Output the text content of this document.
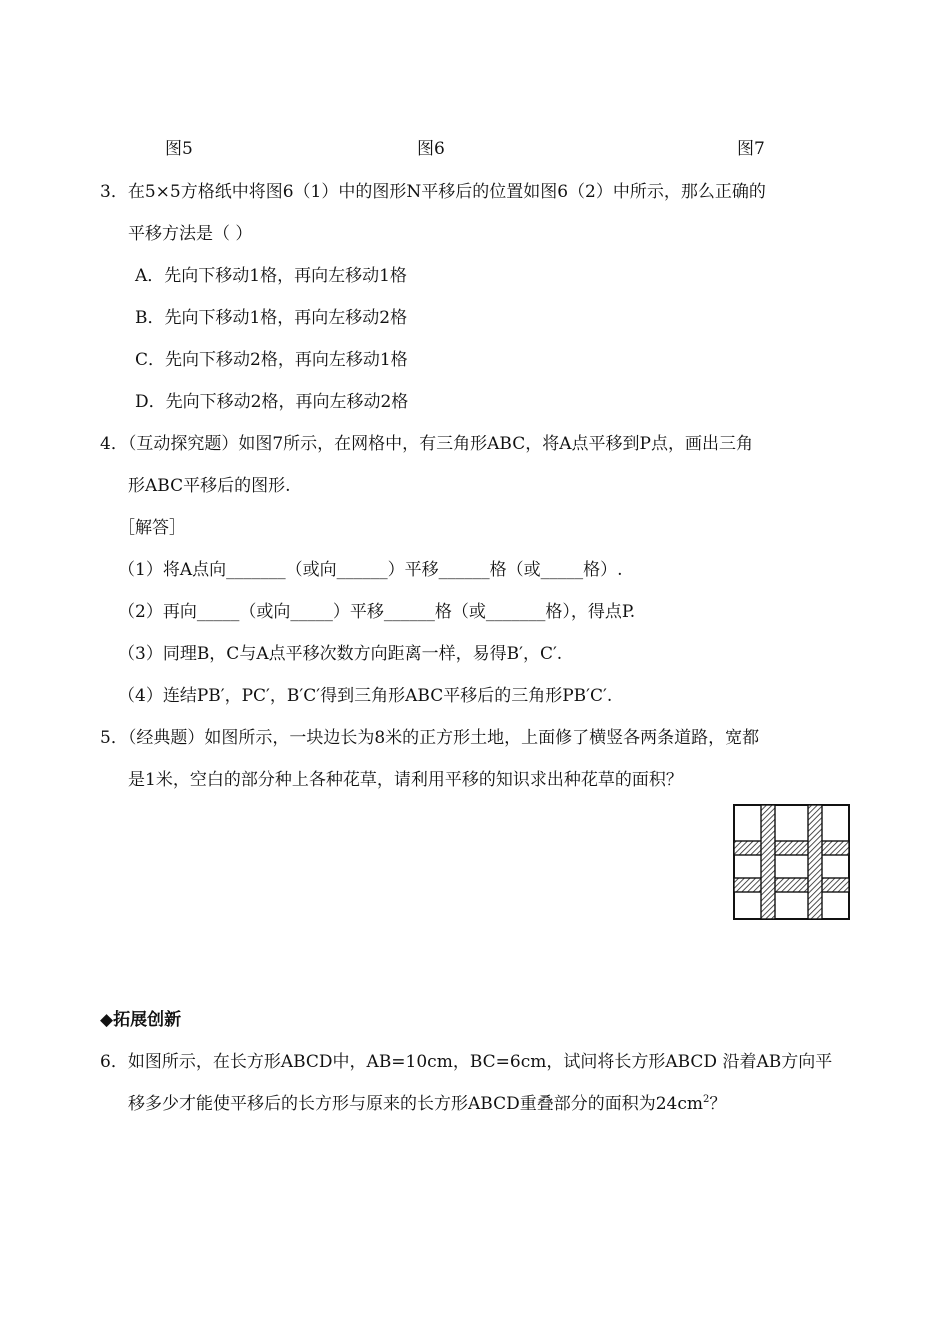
图5	图6	图7
3．在5×5方格纸中将图6（1）中的图形N平移后的位置如图6（2）中所示，那么正确的
平移方法是（ ）
A．先向下移动1格，再向左移动1格
B．先向下移动1格，再向左移动2格
C．先向下移动2格，再向左移动1格
D．先向下移动2格，再向左移动2格
4．（互动探究题）如图7所示，在网格中，有三角形ABC，将A点平移到P点，画出三角
形ABC平移后的图形.
［解答］
（1）将A点向_______（或向______）平移______格（或_____格）.
（2）再向_____（或向_____）平移______格（或_______格），得点P.
（3）同理B，C与A点平移次数方向距离一样，易得B′，C′.
（4）连结PB′，PC′，B′C′得到三角形ABC平移后的三角形PB′C′.
5．（经典题）如图所示，一块边长为8米的正方形土地，上面修了横竖各两条道路，宽都
是1米，空白的部分种上各种花草，请利用平移的知识求出种花草的面积？
◆拓展创新
6．如图所示，在长方形ABCD中，AB=10cm，BC=6cm，试问将长方形ABCD 沿着AB方向平
移多少才能使平移后的长方形与原来的长方形ABCD重叠部分的面积为$24cm^2$？
